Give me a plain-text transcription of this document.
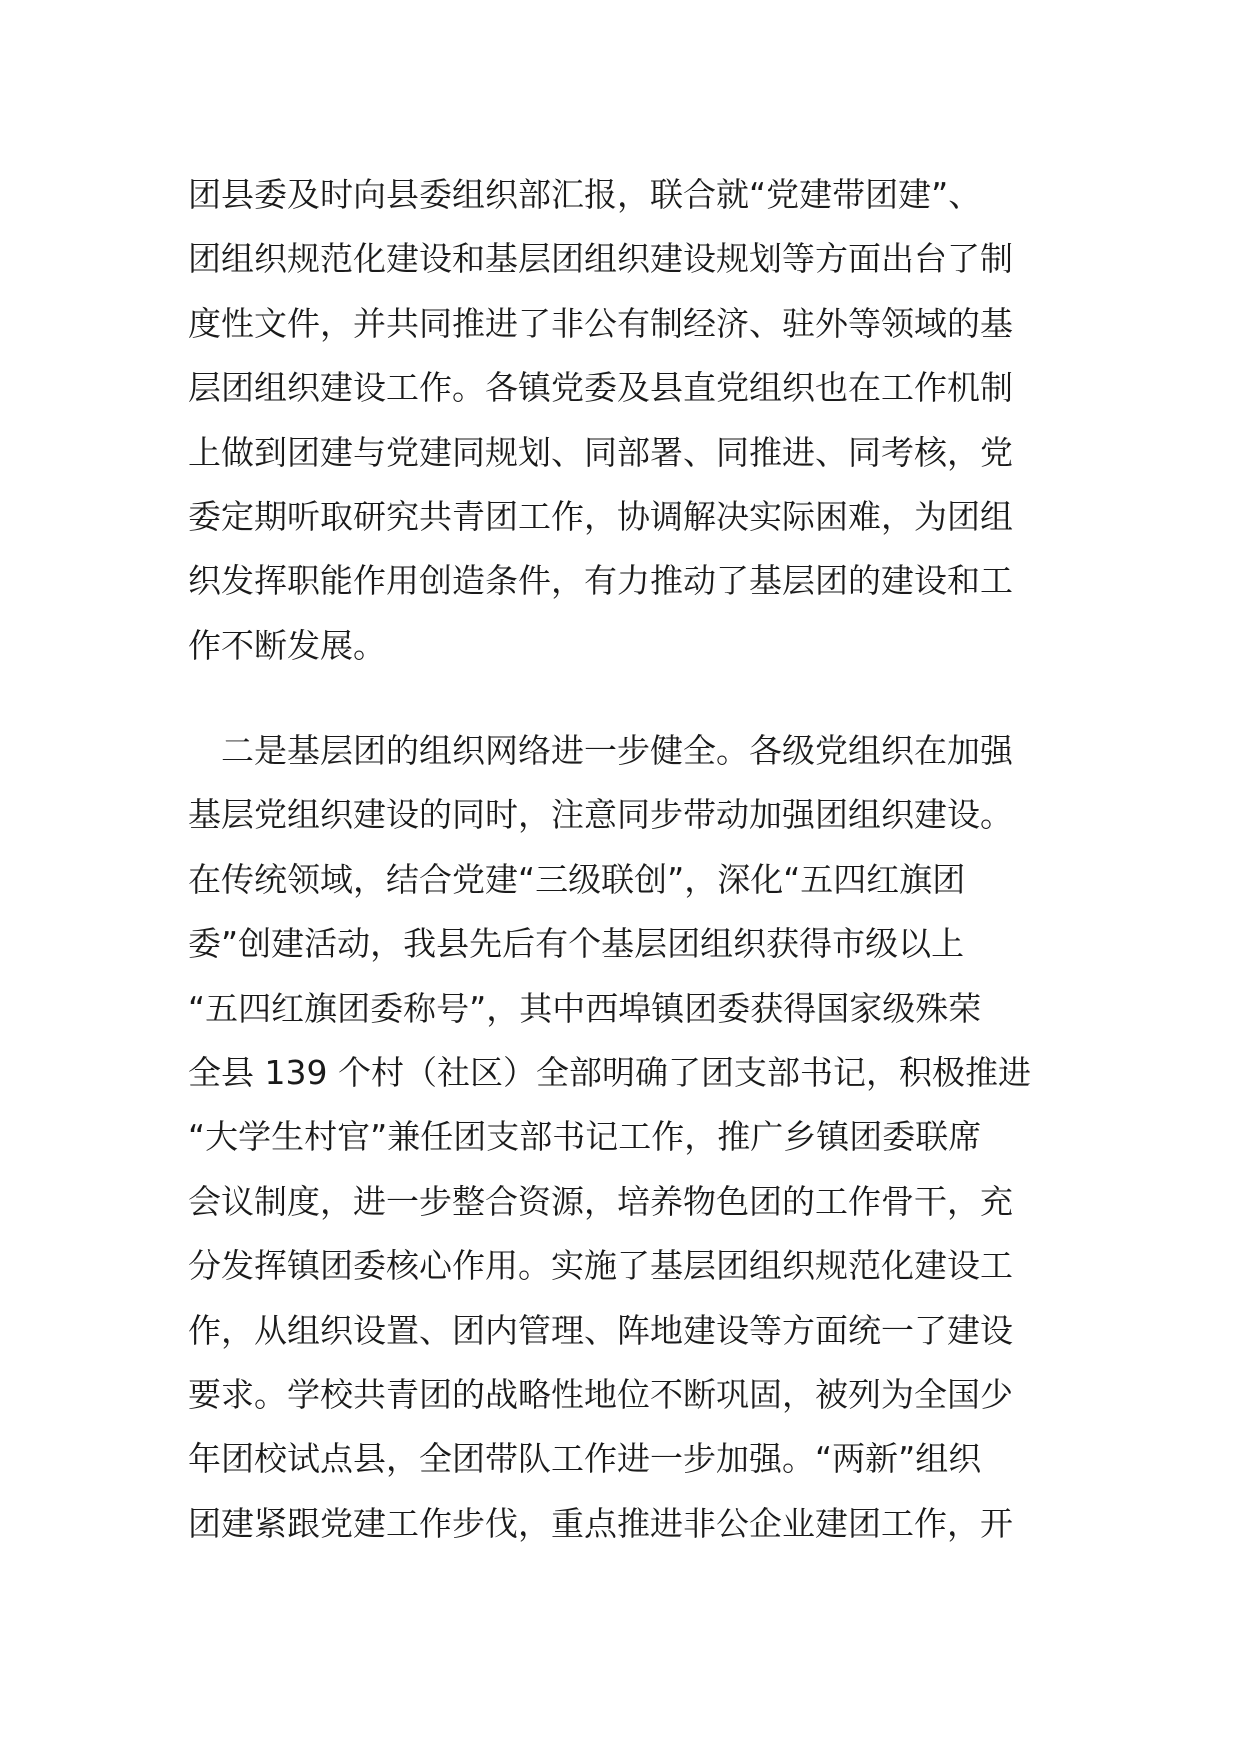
团县委及时向县委组织部汇报，联合就“党建带团建”、
团组织规范化建设和基层团组织建设规划等方面出台了制
度性文件，并共同推进了非公有制经济、驻外等领域的基
层团组织建设工作。各镇党委及县直党组织也在工作机制
上做到团建与党建同规划、同部署、同推进、同考核，党
委定期听取研究共青团工作，协调解决实际困难，为团组
织发挥职能作用创造条件，有力推动了基层团的建设和工
作不断发展。
　二是基层团的组织网络进一步健全。各级党组织在加强
基层党组织建设的同时，注意同步带动加强团组织建设。
在传统领域，结合党建“三级联创”，深化“五四红旗团
委”创建活动，我县先后有个基层团组织获得市级以上
“五四红旗团委称号”，其中西埠镇团委获得国家级殊荣
全县 139 个村（社区）全部明确了团支部书记，积极推进
“大学生村官”兼任团支部书记工作，推广乡镇团委联席
会议制度，进一步整合资源，培养物色团的工作骨干，充
分发挥镇团委核心作用。实施了基层团组织规范化建设工
作，从组织设置、团内管理、阵地建设等方面统一了建设
要求。学校共青团的战略性地位不断巩固，被列为全国少
年团校试点县，全团带队工作进一步加强。“两新”组织
团建紧跟党建工作步伐，重点推进非公企业建团工作，开
